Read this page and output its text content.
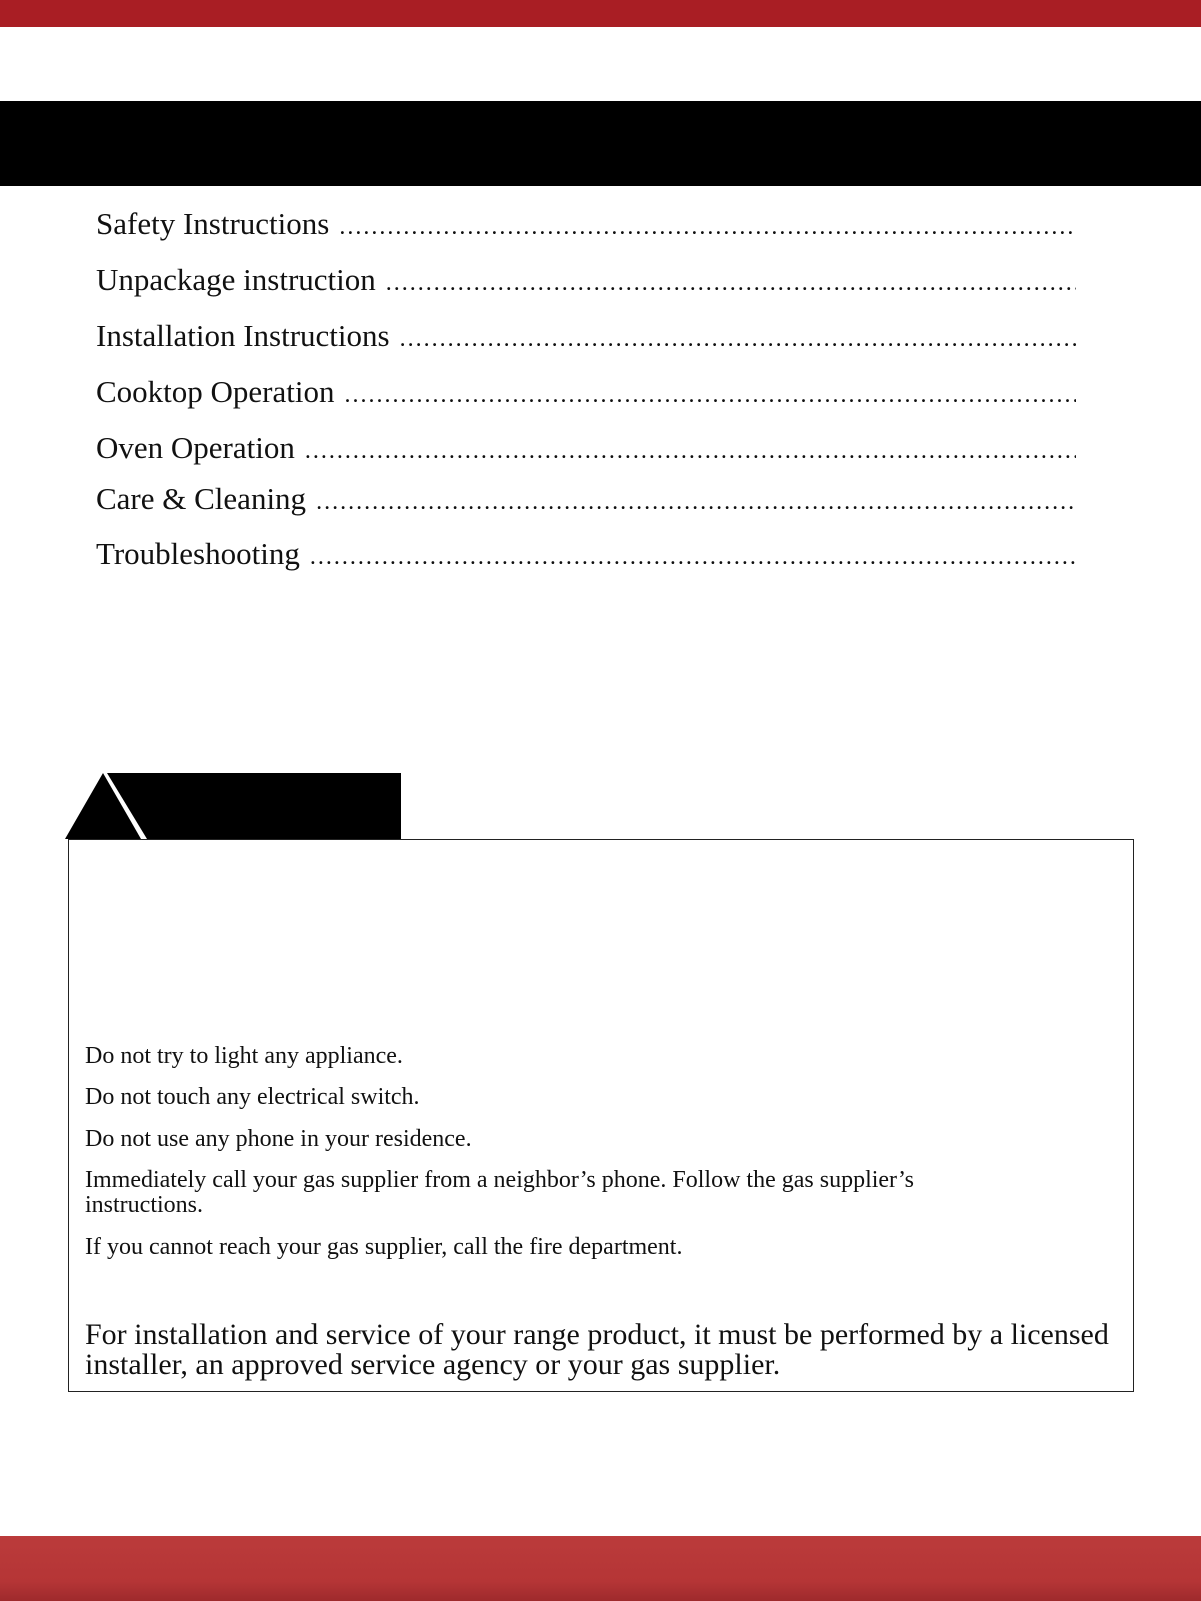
Safety Instructions
.....
Unpackage instruction
.....
Installation Instructions
.....
Cooktop Operation
.....
Oven Operation
.....
Care & Cleaning
.....
Troubleshooting
.....
Do not try to light any appliance.
Do not touch any electrical switch.
Do not use any phone in your residence.
Immediately call your gas supplier from a neighbor’s phone. Follow the gas supplier’s instructions.
If you cannot reach your gas supplier, call the fire department.
For installation and service of your range product, it must be performed by a licensed installer, an approved service agency or your gas supplier.
